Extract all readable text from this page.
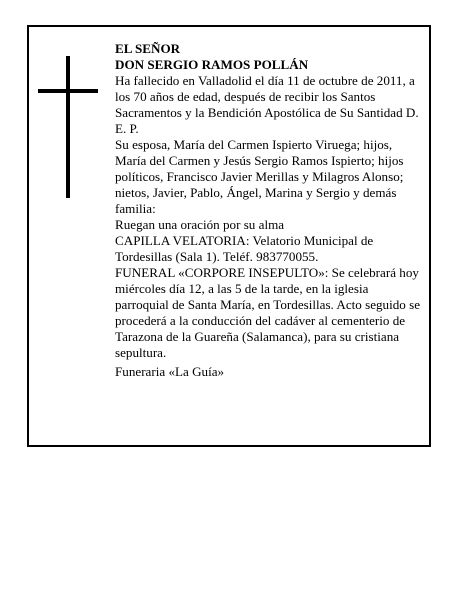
EL SEÑOR

DON SERGIO RAMOS POLLÁN

Ha fallecido en Valladolid el día 11 de octubre de 2011, a los 70 años de edad, después de recibir los Santos Sacramentos y la Bendición Apostólica de Su Santidad D. E. P.

Su esposa, María del Carmen Ispierto Viruega; hijos, María del Carmen y Jesús Sergio Ramos Ispierto; hijos políticos, Francisco Javier Merillas y Milagros Alonso; nietos, Javier, Pablo, Ángel, Marina y Sergio y demás familia:

Ruegan una oración por su alma

CAPILLA VELATORIA: Velatorio Municipal de Tordesillas (Sala 1). Teléf. 983770055.

FUNERAL «CORPORE INSEPULTO»: Se celebrará hoy miércoles día 12, a las 5 de la tarde, en la iglesia parroquial de Santa María, en Tordesillas. Acto seguido se procederá a la conducción del cadáver al cementerio de Tarazona de la Guareña (Salamanca), para su cristiana sepultura.

Funeraria «La Guía»
